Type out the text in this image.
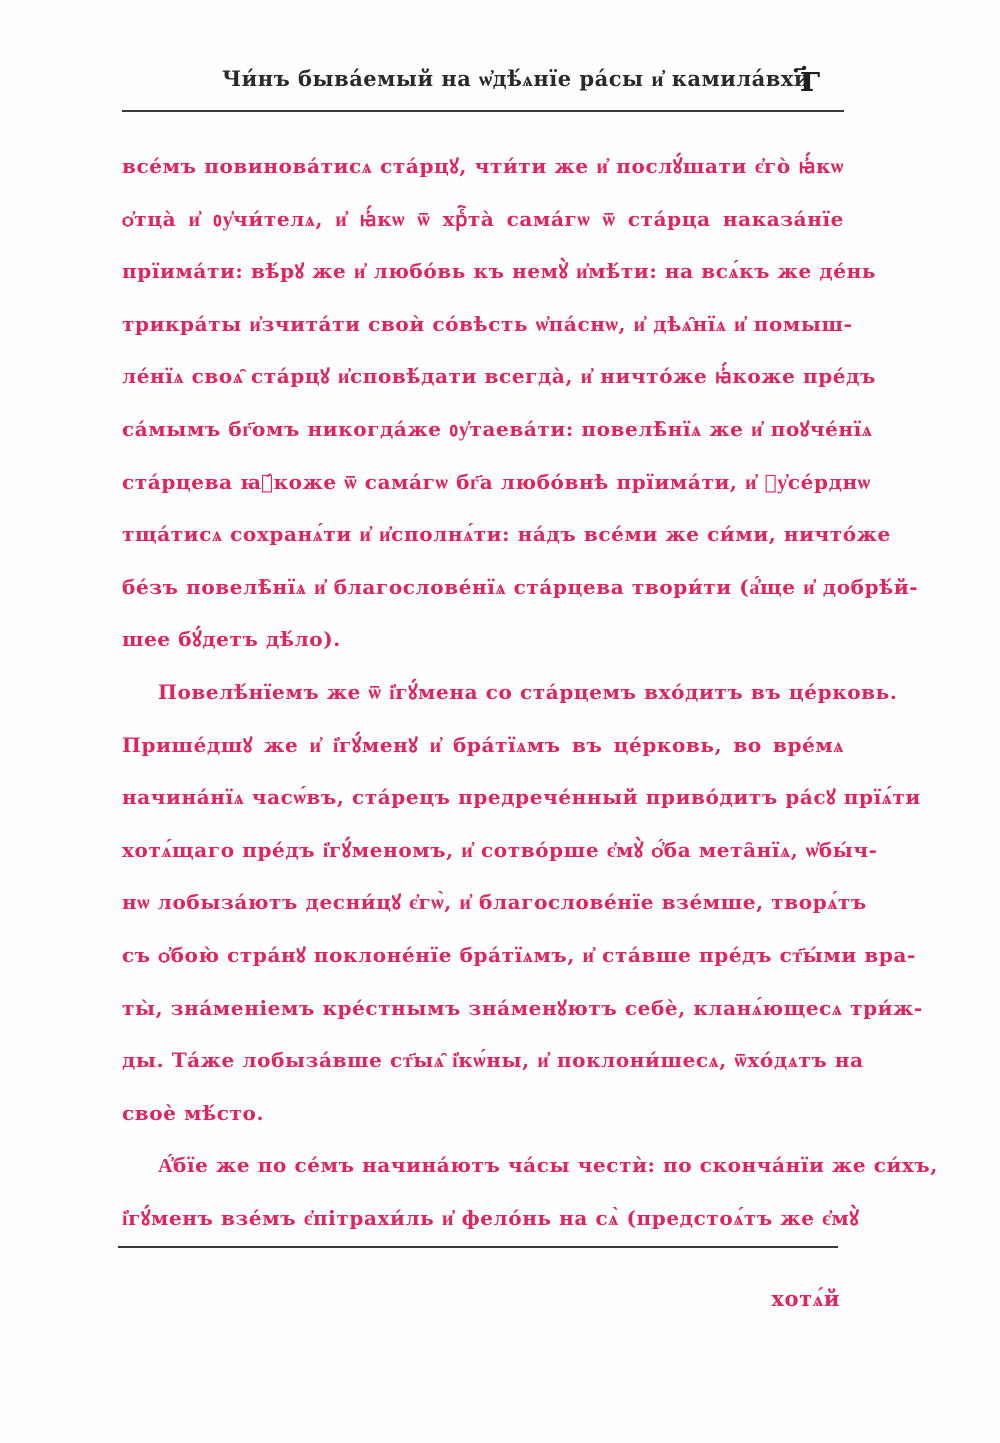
Чи́нъ быва́емый на ѡ҆дѣ́ѧнїе ра́сы и҆ камила́вхи
҃г
все́мъ повинова́тисѧ ста́рцꙋ, чти́ти же и҆ послꙋ́шати є҆го̀ ꙗ҆́кѡ
ѻ҆тца̀ и҆ ᲂу҆чи́телѧ, и҆ ꙗ҆́кѡ ѿ хрⷭ҇та̀ сама́гѡ ѿ ста́рца наказа́нїе
прїима́ти: вѣ́рꙋ же и҆ любо́вь къ немꙋ̀ и҆мѣ́ти: на всѧ́къ же де́нь
трикра́ты и҆зчита́ти своѝ со́вѣсть ѡ҆па́снѡ, и҆ дѣѧ̑нїѧ и҆ помыш-
ле́нїѧ своѧ̑ ста́рцꙋ и҆сповѣ́дати всегда̀, и҆ ничто́же ꙗ҆́коже пре́дъ
са́мымъ бг҃омъ никогда́же ᲂу҆таева́ти: повелѣ̑нїѧ же и҆ поꙋче́нїѧ
ста́рцева ꙗ҆́коже ѿ сама́гѡ бг҃а любо́внѣ прїима́ти, и҆ ᲂу҆се́рднѡ
тща́тисѧ сохранѧ́ти и҆ и҆сполнѧ́ти: на́дъ все́ми же си́ми, ничто́же
бе́зъ повелѣ̑нїѧ и҆ благослове́нїѧ ста́рцева твори́ти (а҆́ще и҆ добрѣ́й-
шее бꙋ́детъ дѣ́ло).
Повелѣ́нїемъ же ѿ і҆гꙋ́мена со ста́рцемъ вхо́дитъ въ це́рковь.
Прише́дшꙋ же и҆ і҆гꙋ́менꙋ и҆ бра́тїѧмъ въ це́рковь, во вре́мѧ
начина́нїѧ часѡ́въ, ста́рецъ предрече́нный приво́дитъ ра́сꙋ прїѧ́ти
хотѧ́щаго пре́дъ і҆гꙋ́меномъ, и҆ сотво́рше є҆мꙋ̀ ѻ҆́ба мета̑нїѧ, ѡ҆бы́ч-
нѡ лобыза́ютъ десни́цꙋ є҆гѡ̀, и҆ благослове́нїе взе́мше, творѧ́тъ
съ ѻ҆бою̀ стра́нꙋ поклоне́нїе бра́тїѧмъ, и҆ ста́вше пре́дъ ст҃ы́ми вра-
ты̀, зна́меніемъ кре́стнымъ зна́менꙋютъ себѐ, кланѧ́ющесѧ три́ж-
ды. Та́же лобыза́вше ст҃ыѧ̑ і҆кѡ́ны, и҆ поклони́шесѧ, ѿхо́дѧтъ на
своѐ мѣ́сто.
А҆́бїе же по се́мъ начина́ютъ ча́сы честѝ: по сконча́нїи же си́хъ,
і҆гꙋ́менъ взе́мъ є҆пітрахи́ль и҆ фело́нь на сѧ̀ (предстоѧ́тъ же є҆мꙋ̀
хотѧ́й
